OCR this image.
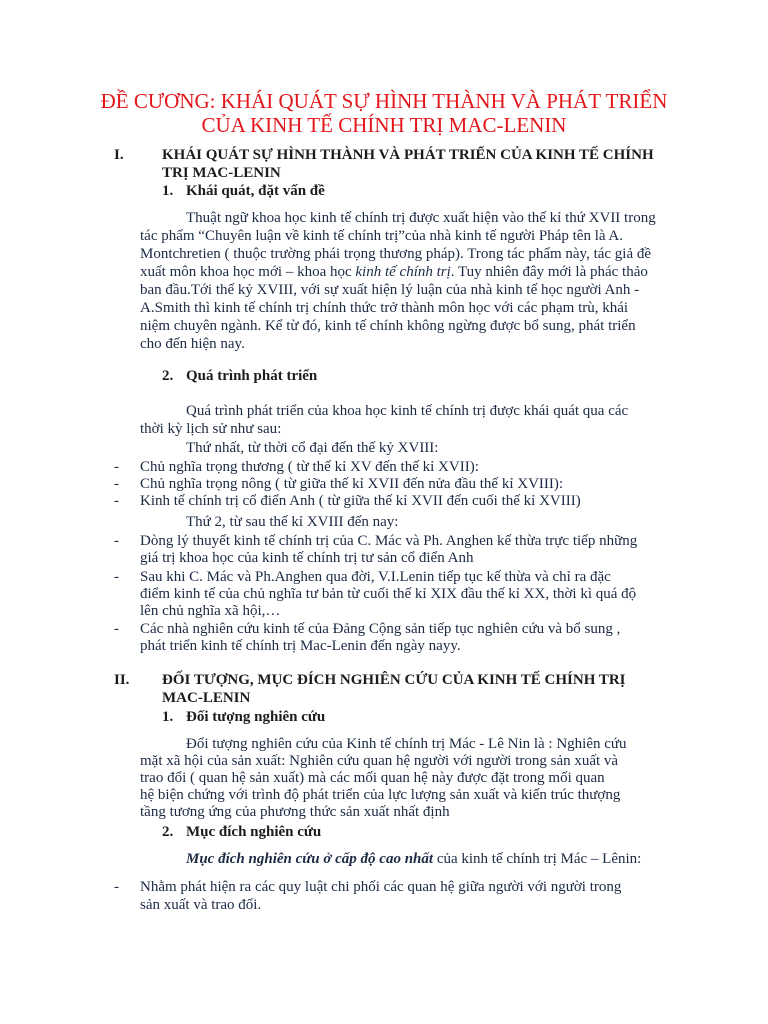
ĐỀ CƯƠNG: KHÁI QUÁT SỰ HÌNH THÀNH VÀ PHÁT TRIỂN
CỦA KINH TẾ CHÍNH TRỊ MAC-LENIN
I.	KHÁI QUÁT SỰ HÌNH THÀNH VÀ PHÁT TRIỂN CỦA KINH TẾ CHÍNH
TRỊ MAC-LENIN
1. Khái quát, đặt vấn đề
Thuật ngữ khoa học kinh tế chính trị được xuất hiện vào thế kỉ thứ XVII trong
tác phẩm “Chuyên luận về kinh tế chính trị”của nhà kinh tế người Pháp tên là A.
Montchretien ( thuộc trường phái trọng thương pháp). Trong tác phẩm này, tác giả đề
xuất môn khoa học mới – khoa học kinh tế chính trị. Tuy nhiên đây mới là phác thảo
ban đầu.Tới thế kỷ XVIII, với sự xuất hiện lý luận của nhà kinh tế học người Anh -
A.Smith thì kinh tế chính trị chính thức trở thành môn học với các phạm trù, khái
niệm chuyên ngành. Kể từ đó, kinh tế chính không ngừng được bổ sung, phát triển
cho đến hiện nay.
2. Quá trình phát triển
Quá trình phát triển của khoa học kinh tế chính trị được khái quát qua các
thời kỳ lịch sử như sau:
Thứ nhất, từ thời cổ đại đến thế kỷ XVIII:
- Chủ nghĩa trọng thương ( từ thế kỉ XV đến thế kỉ XVII):
- Chủ nghĩa trọng nông ( từ giữa thế kỉ XVII đến nửa đầu thế kỉ XVIII):
- Kinh tế chính trị cổ điển Anh ( từ giữa thế kỉ XVII đến cuối thế kỉ XVIII)
Thứ 2, từ sau thế kỉ XVIII đến nay:
- Dòng lý thuyết kinh tế chính trị của C. Mác và Ph. Anghen kế thừa trực tiếp những
giá trị khoa học của kinh tế chính trị tư sản cổ điển Anh
- Sau khi C. Mác và Ph.Anghen qua đời, V.I.Lenin tiếp tục kế thừa và chỉ ra đặc
điểm kinh tế của chủ nghĩa tư bản từ cuối thế kỉ XIX đầu thế kỉ XX, thời kì quá độ
lên chủ nghĩa xã hội,…
- Các nhà nghiên cứu kinh tế của Đảng Cộng sản tiếp tục nghiên cứu và bổ sung ,
phát triển kinh tế chính trị Mac-Lenin đến ngày nayy.
II. ĐỐI TƯỢNG, MỤC ĐÍCH NGHIÊN CỨU CỦA KINH TẾ CHÍNH TRỊ
MAC-LENIN
1. Đối tượng nghiên cứu
Đối tượng nghiên cứu của Kinh tế chính trị Mác - Lê Nin là : Nghiên cứu
mặt xã hội của sản xuất: Nghiên cứu quan hệ người với người trong sản xuất và
trao đổi ( quan hệ sản xuất) mà các mối quan hệ này được đặt trong mối quan
hệ biện chứng với trình độ phát triển của lực lượng sản xuất và kiến trúc thượng
tầng tương ứng của phương thức sản xuất nhất định
2. Mục đích nghiên cứu
Mục đích nghiên cứu ở cấp độ cao nhất của kinh tế chính trị Mác – Lênin:
- Nhằm phát hiện ra các quy luật chi phối các quan hệ giữa người với người trong
sản xuất và trao đổi.
